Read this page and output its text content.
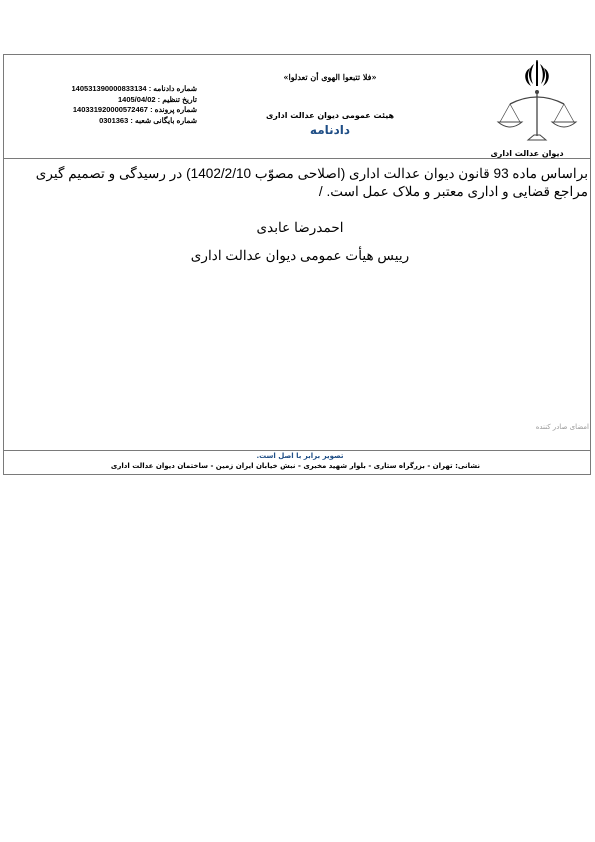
دیوان عدالت اداری
«فلا تتبعوا الهوی أن تعدلوا»
هیئت عمومی دیوان عدالت اداری
دادنامه
140531390000833134 شماره دادنامه :
1405/04/02 تاریخ تنظیم :
140331920000572467 شماره پرونده :
0301363 شماره بایگانی شعبه :
براساس ماده 93 قانون دیوان عدالت اداری (اصلاحی مصوّب 1402/2/10) در رسیدگی و تصمیم گیری مراجع قضایی و اداری معتبر و ملاک عمل است. /
احمدرضا عابدی
رییس هیأت عمومی دیوان عدالت اداری
امضای صادر کننده
تصویر برابر با اصل است.
نشانی: تهران - بزرگراه ستاری - بلوار شهید مخبری - نبش خیابان ایران زمین - ساختمان دیوان عدالت اداری
